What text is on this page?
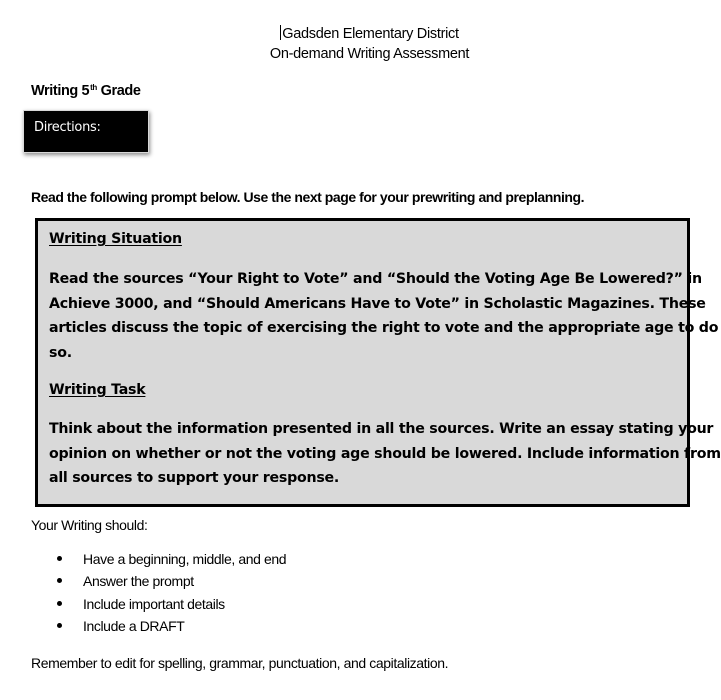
Gadsden Elementary District
On-demand Writing Assessment
Writing 5th Grade
Directions:
Read the following prompt below. Use the next page for your prewriting and preplanning.
Writing Situation
Read the sources “Your Right to Vote” and “Should the Voting Age Be Lowered?” in
Achieve 3000, and “Should Americans Have to Vote” in Scholastic Magazines. These
articles discuss the topic of exercising the right to vote and the appropriate age to do
so.
Writing Task
Think about the information presented in all the sources. Write an essay stating your
opinion on whether or not the voting age should be lowered. Include information from
all sources to support your response.
Your Writing should:
Have a beginning, middle, and end
Answer the prompt
Include important details
Include a DRAFT
Remember to edit for spelling, grammar, punctuation, and capitalization.
